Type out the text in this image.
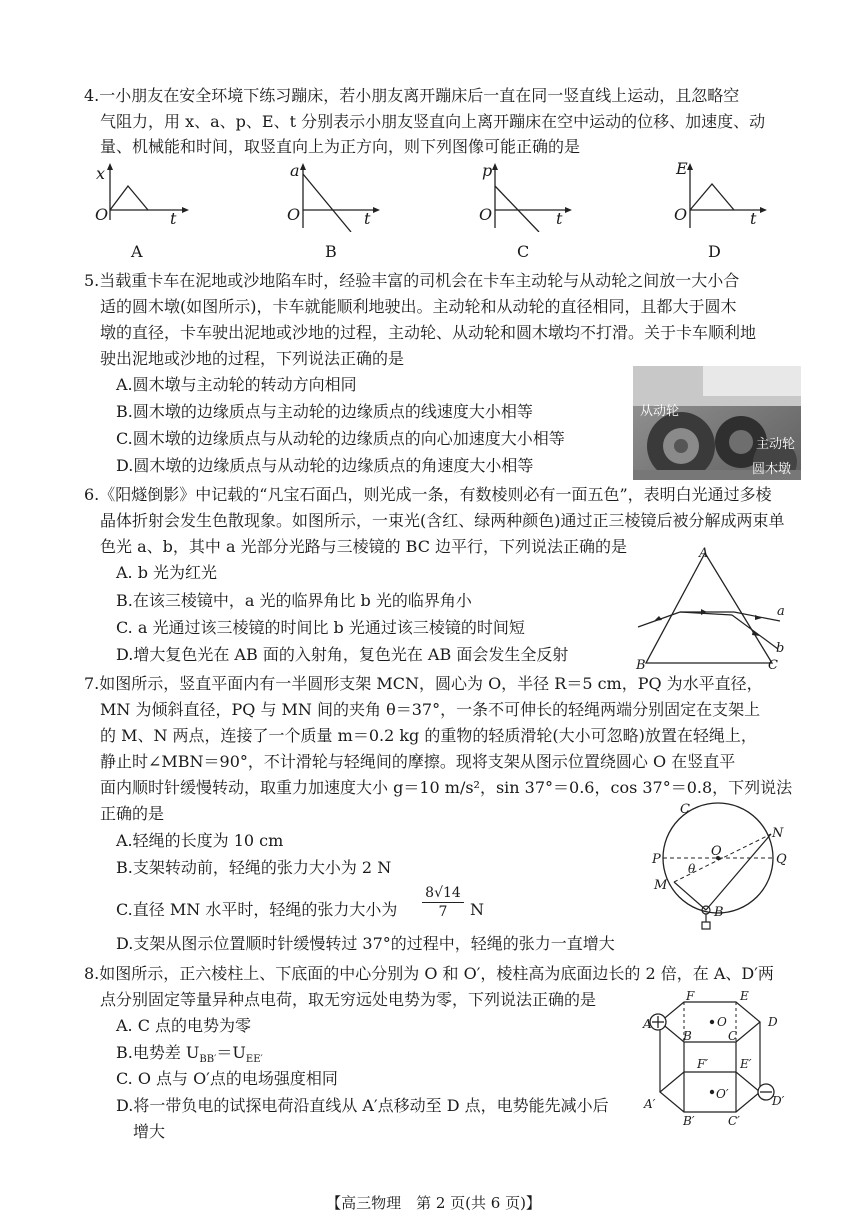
4.一小朋友在安全环境下练习蹦床，若小朋友离开蹦床后一直在同一竖直线上运动，且忽略空
气阻力，用 x、a、p、E、t 分别表示小朋友竖直向上离开蹦床在空中运动的位移、加速度、动
量、机械能和时间，取竖直向上为正方向，则下列图像可能正确的是
x
t
O
A
a
t
O
B
p
t
O
C
E
t
O
D
5.当载重卡车在泥地或沙地陷车时，经验丰富的司机会在卡车主动轮与从动轮之间放一大小合
适的圆木墩(如图所示)，卡车就能顺利地驶出。主动轮和从动轮的直径相同，且都大于圆木
墩的直径，卡车驶出泥地或沙地的过程，主动轮、从动轮和圆木墩均不打滑。关于卡车顺利地
驶出泥地或沙地的过程，下列说法正确的是
A.圆木墩与主动轮的转动方向相同
B.圆木墩的边缘质点与主动轮的边缘质点的线速度大小相等
C.圆木墩的边缘质点与从动轮的边缘质点的向心加速度大小相等
D.圆木墩的边缘质点与从动轮的边缘质点的角速度大小相等
从动轮
主动轮
圆木墩
6.《阳燧倒影》中记载的“凡宝石面凸，则光成一条，有数棱则必有一面五色”，表明白光通过多棱
晶体折射会发生色散现象。如图所示，一束光(含红、绿两种颜色)通过正三棱镜后被分解成两束单
色光 a、b，其中 a 光部分光路与三棱镜的 BC 边平行，下列说法正确的是
A. b 光为红光
B.在该三棱镜中，a 光的临界角比 b 光的临界角小
C. a 光通过该三棱镜的时间比 b 光通过该三棱镜的时间短
D.增大复色光在 AB 面的入射角，复色光在 AB 面会发生全反射
A
B	C
a
b
7.如图所示，竖直平面内有一半圆形支架 MCN，圆心为 O，半径 R＝5 cm，PQ 为水平直径，
MN 为倾斜直径，PQ 与 MN 间的夹角 θ＝37°，一条不可伸长的轻绳两端分别固定在支架上
的 M、N 两点，连接了一个质量 m＝0.2 kg 的重物的轻质滑轮(大小可忽略)放置在轻绳上，
静止时∠MBN＝90°，不计滑轮与轻绳间的摩擦。现将支架从图示位置绕圆心 O 在竖直平
面内顺时针缓慢转动，取重力加速度大小 g＝10 m/s²，sin 37°＝0.6，cos 37°＝0.8，下列说法
正确的是
A.轻绳的长度为 10 cm
B.支架转动前，轻绳的张力大小为 2 N
C.直径 MN 水平时，轻绳的张力大小为 $\frac{8√14}{7}$ N
D.支架从图示位置顺时针缓慢转过 37°的过程中，轻绳的张力一直增大
C
N
O
P	Q
θ
M
B
8.如图所示，正六棱柱上、下底面的中心分别为 O 和 O′，棱柱高为底面边长的 2 倍，在 A、D′两
点分别固定等量异种点电荷，取无穷远处电势为零，下列说法正确的是
A. C 点的电势为零
B.电势差 $U_{BB'}=U_{EE'}$
C. O 点与 O′点的电场强度相同
D.将一带负电的试探电荷沿直线从 A′点移动至 D 点，电势能先减小后
增大
F	E
A
B
O
C
D
F′	E′
O′
A′	D′
B′	C′
【高三物理　第 2 页(共 6 页)】
